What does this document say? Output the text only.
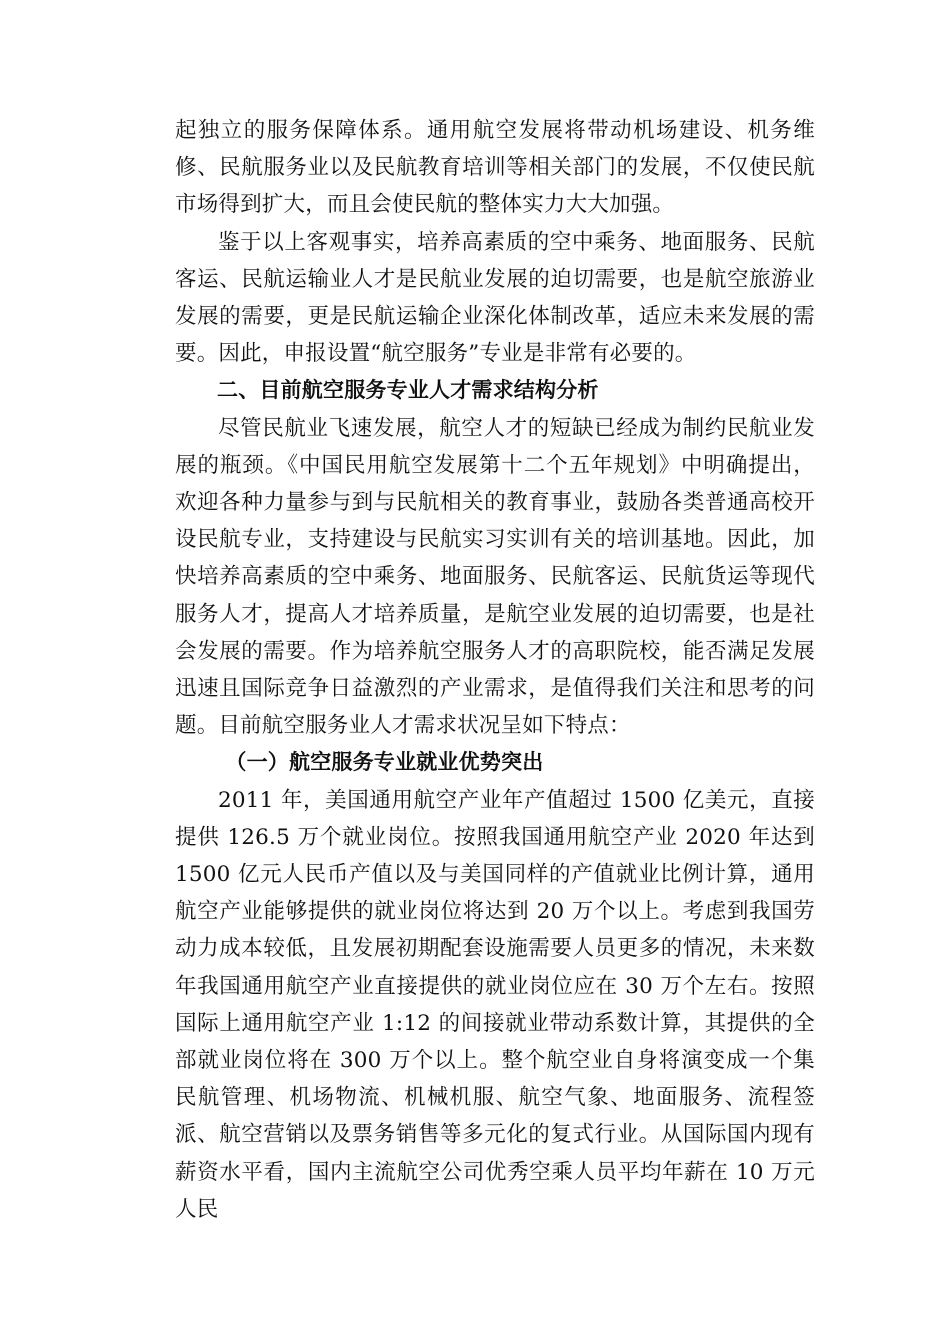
起独立的服务保障体系。通用航空发展将带动机场建设、机务维修、民航服务业以及民航教育培训等相关部门的发展，不仅使民航市场得到扩大，而且会使民航的整体实力大大加强。

鉴于以上客观事实，培养高素质的空中乘务、地面服务、民航客运、民航运输业人才是民航业发展的迫切需要，也是航空旅游业发展的需要，更是民航运输企业深化体制改革，适应未来发展的需要。因此，申报设置“航空服务”专业是非常有必要的。

二、目前航空服务专业人才需求结构分析

尽管民航业飞速发展，航空人才的短缺已经成为制约民航业发展的瓶颈。《中国民用航空发展第十二个五年规划》中明确提出，欢迎各种力量参与到与民航相关的教育事业，鼓励各类普通高校开设民航专业，支持建设与民航实习实训有关的培训基地。因此，加快培养高素质的空中乘务、地面服务、民航客运、民航货运等现代服务人才，提高人才培养质量，是航空业发展的迫切需要，也是社会发展的需要。作为培养航空服务人才的高职院校，能否满足发展迅速且国际竞争日益激烈的产业需求，是值得我们关注和思考的问题。目前航空服务业人才需求状况呈如下特点：

（一）航空服务专业就业优势突出

2011 年，美国通用航空产业年产值超过 1500 亿美元，直接提供 126.5 万个就业岗位。按照我国通用航空产业 2020 年达到 1500 亿元人民币产值以及与美国同样的产值就业比例计算，通用航空产业能够提供的就业岗位将达到 20 万个以上。考虑到我国劳动力成本较低，且发展初期配套设施需要人员更多的情况，未来数年我国通用航空产业直接提供的就业岗位应在 30 万个左右。按照国际上通用航空产业 1:12 的间接就业带动系数计算，其提供的全部就业岗位将在 300 万个以上。整个航空业自身将演变成一个集民航管理、机场物流、机械机服、航空气象、地面服务、流程签派、航空营销以及票务销售等多元化的复式行业。从国际国内现有薪资水平看，国内主流航空公司优秀空乘人员平均年薪在 10 万元人民
